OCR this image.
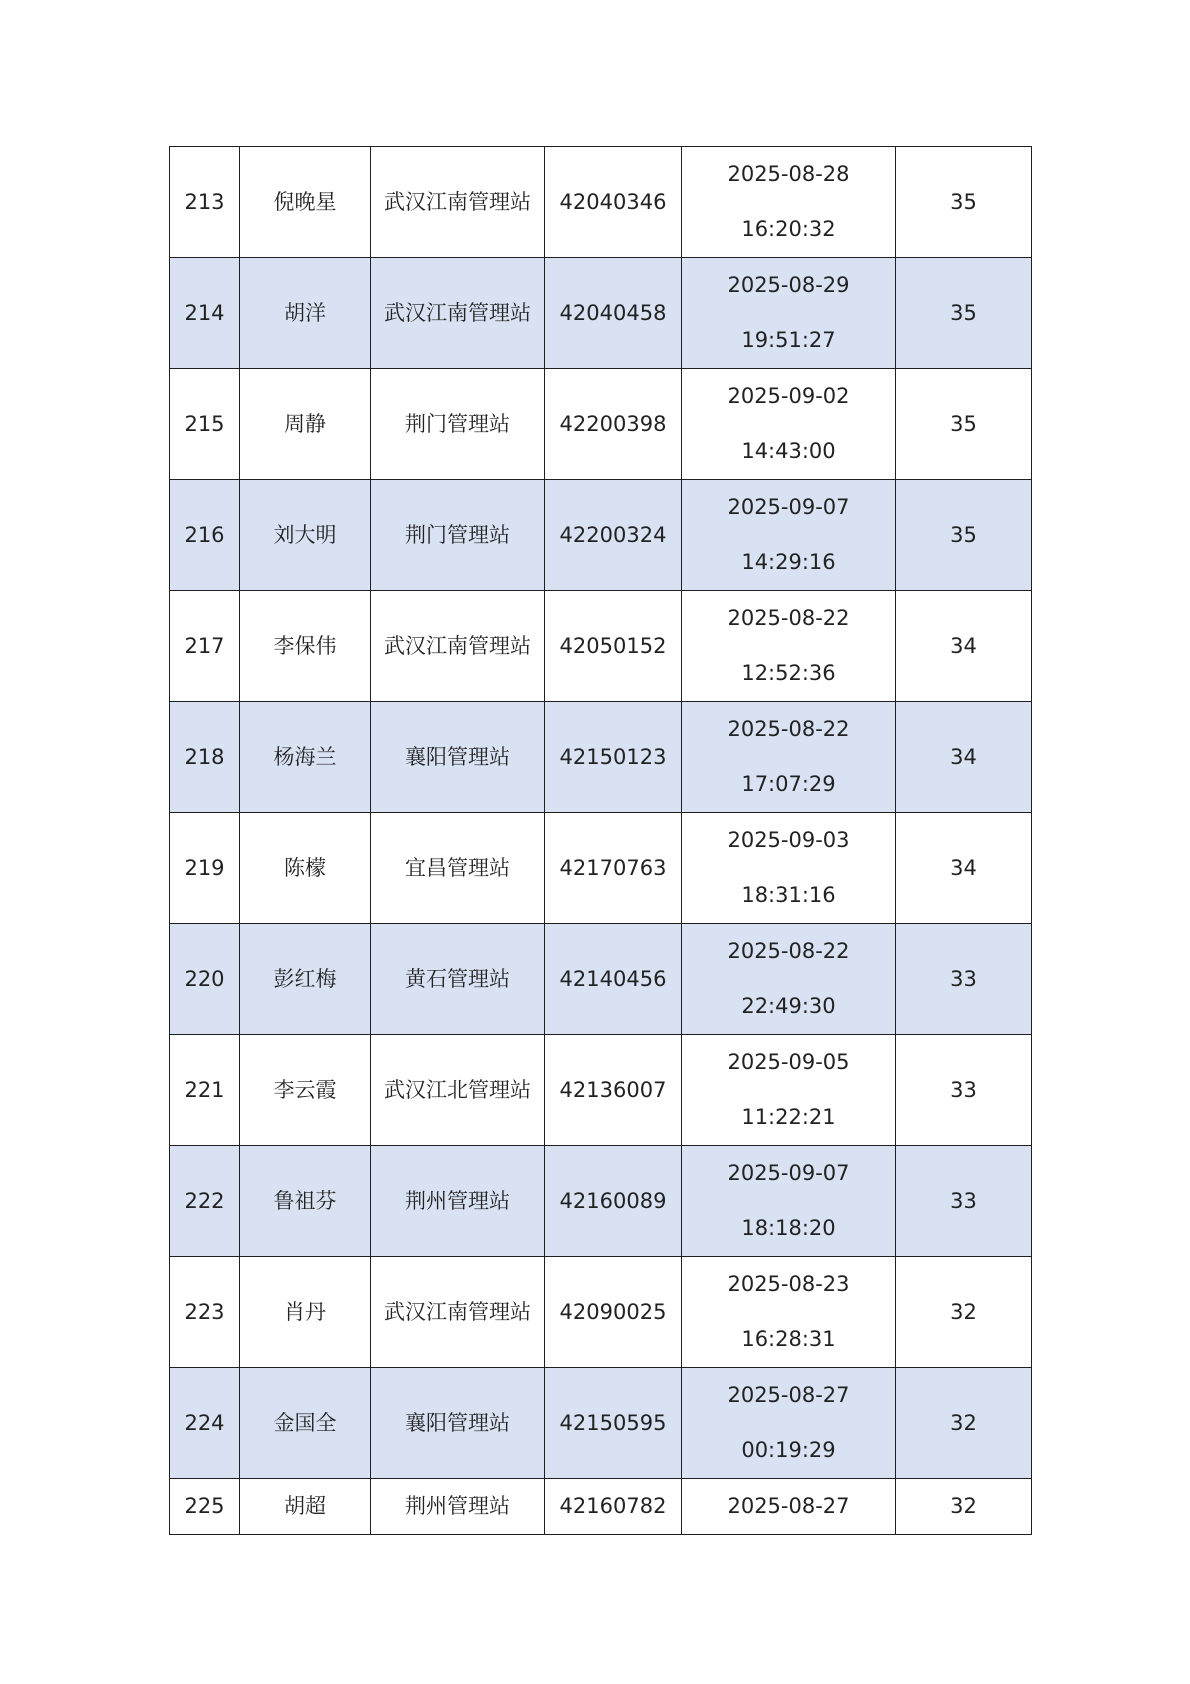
213	倪晚星	武汉江南管理站	42040346	2025-08-28
16:20:32	35
214	胡洋	武汉江南管理站	42040458	2025-08-29
19:51:27	35
215	周静	荆门管理站	42200398	2025-09-02
14:43:00	35
216	刘大明	荆门管理站	42200324	2025-09-07
14:29:16	35
217	李保伟	武汉江南管理站	42050152	2025-08-22
12:52:36	34
218	杨海兰	襄阳管理站	42150123	2025-08-22
17:07:29	34
219	陈檬	宜昌管理站	42170763	2025-09-03
18:31:16	34
220	彭红梅	黄石管理站	42140456	2025-08-22
22:49:30	33
221	李云霞	武汉江北管理站	42136007	2025-09-05
11:22:21	33
222	鲁祖芬	荆州管理站	42160089	2025-09-07
18:18:20	33
223	肖丹	武汉江南管理站	42090025	2025-08-23
16:28:31	32
224	金国全	襄阳管理站	42150595	2025-08-27
00:19:29	32
225	胡超	荆州管理站	42160782	2025-08-27	32
